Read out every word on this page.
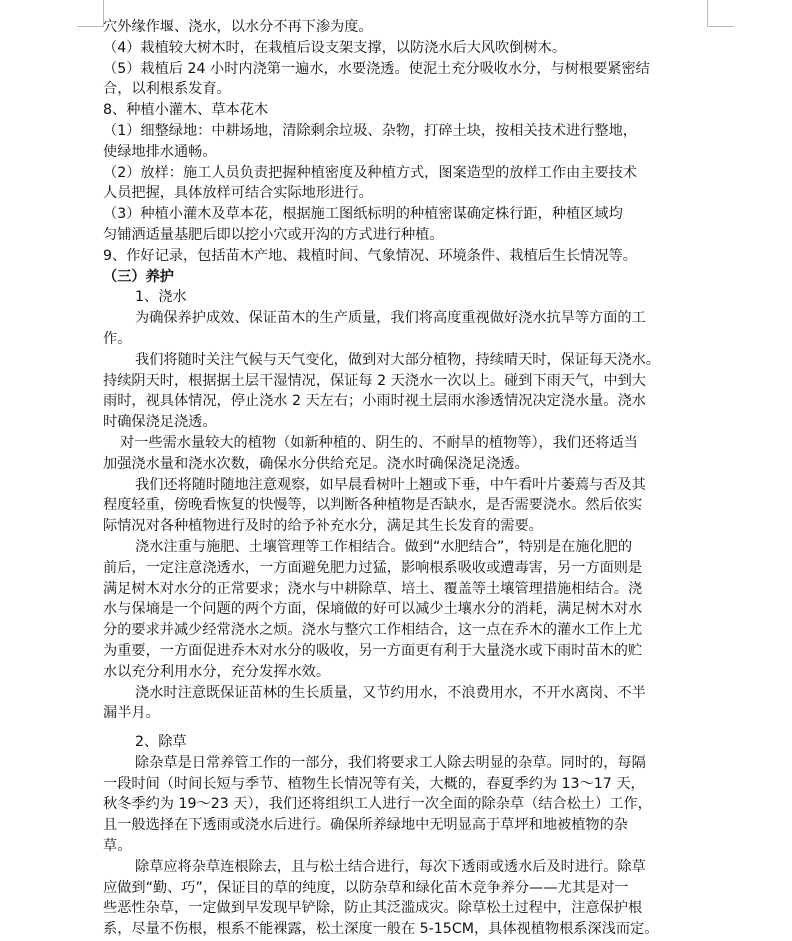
穴外缘作堰、浇水，以水分不再下渗为度。
（4）栽植较大树木时，在栽植后设支架支撑，以防浇水后大风吹倒树木。
（5）栽植后 24 小时内浇第一遍水，水要浇透。使泥土充分吸收水分，与树根要紧密结
合，以利根系发育。
8、种植小灌木、草本花木
（1）细整绿地：中耕场地，清除剩余垃圾、杂物，打碎土块，按相关技术进行整地，
使绿地排水通畅。
（2）放样：施工人员负责把握种植密度及种植方式，图案造型的放样工作由主要技术
人员把握，具体放样可结合实际地形进行。
（3）种植小灌木及草本花，根据施工图纸标明的种植密谋确定株行距，种植区域均
匀铺洒适量基肥后即以挖小穴或开沟的方式进行种植。
9、作好记录，包括苗木产地、栽植时间、气象情况、环境条件、栽植后生长情况等。
（三）养护
1、浇水
为确保养护成效、保证苗木的生产质量，我们将高度重视做好浇水抗旱等方面的工
作。
我们将随时关注气候与天气变化，做到对大部分植物，持续晴天时，保证每天浇水。
持续阴天时，根据据土层干湿情况，保证每 2 天浇水一次以上。碰到下雨天气，中到大
雨时，视具体情况，停止浇水 2 天左右；小雨时视土层雨水渗透情况决定浇水量。浇水
时确保浇足浇透。
对一些需水量较大的植物（如新种植的、阴生的、不耐旱的植物等），我们还将适当
加强浇水量和浇水次数，确保水分供给充足。浇水时确保浇足浇透。
我们还将随时随地注意观察，如早晨看树叶上翘或下垂，中午看叶片萎蔫与否及其
程度轻重，傍晚看恢复的快慢等，以判断各种植物是否缺水，是否需要浇水。然后依实
际情况对各种植物进行及时的给予补充水分，满足其生长发育的需要。
浇水注重与施肥、土壤管理等工作相结合。做到“水肥结合”，特别是在施化肥的
前后，一定注意浇透水，一方面避免肥力过猛，影响根系吸收或遭毒害，另一方面则是
满足树木对水分的正常要求；浇水与中耕除草、培土、覆盖等土壤管理措施相结合。浇
水与保墒是一个问题的两个方面，保墒做的好可以减少土壤水分的消耗，满足树木对水
分的要求并减少经常浇水之烦。浇水与整穴工作相结合，这一点在乔木的灌水工作上尤
为重要，一方面促进乔木对水分的吸收，另一方面更有利于大量浇水或下雨时苗木的贮
水以充分利用水分，充分发挥水效。
浇水时注意既保证苗林的生长质量，又节约用水，不浪费用水，不开水离岗、不半
漏半月。
2、除草
除杂草是日常养管工作的一部分，我们将要求工人除去明显的杂草。同时的，每隔
一段时间（时间长短与季节、植物生长情况等有关，大概的，春夏季约为 13～17 天，
秋冬季约为 19～23 天），我们还将组织工人进行一次全面的除杂草（结合松土）工作，
且一般选择在下透雨或浇水后进行。确保所养绿地中无明显高于草坪和地被植物的杂
草。
除草应将杂草连根除去，且与松土结合进行，每次下透雨或透水后及时进行。除草
应做到“勤、巧”，保证目的草的纯度，以防杂草和绿化苗木竞争养分——尤其是对一
些恶性杂草，一定做到早发现早铲除，防止其泛滥成灾。除草松土过程中，注意保护根
系，尽量不伤根，根系不能裸露，松土深度一般在 5-15CM，具体视植物根系深浅而定。
